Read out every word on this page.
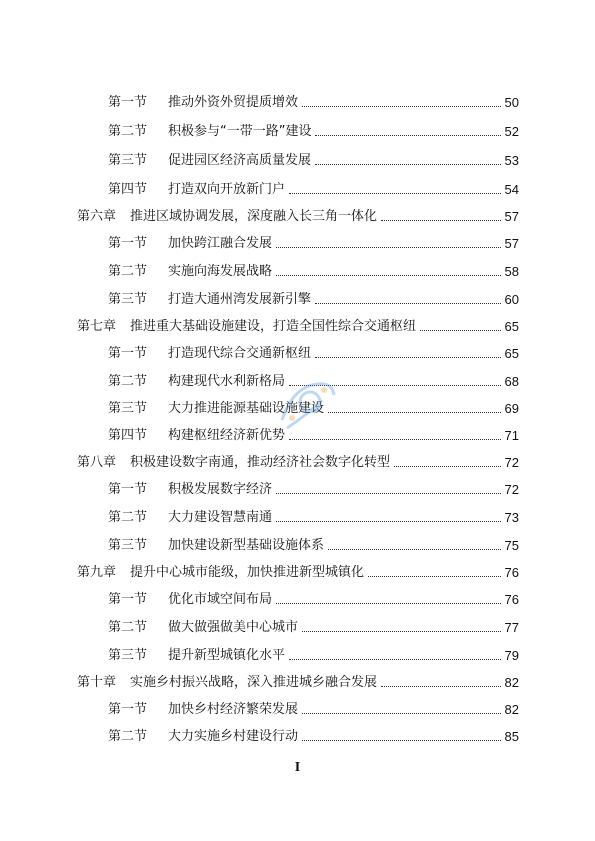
第一节	推动外资外贸提质增效	50
第二节	积极参与“一带一路”建设	52
第三节	促进园区经济高质量发展	53
第四节	打造双向开放新门户	54
第六章	推进区域协调发展，深度融入长三角一体化	57
第一节	加快跨江融合发展	57
第二节	实施向海发展战略	58
第三节	打造大通州湾发展新引擎	60
第七章	推进重大基础设施建设，打造全国性综合交通枢纽	65
第一节	打造现代综合交通新枢纽	65
第二节	构建现代水利新格局	68
第三节	大力推进能源基础设施建设	69
第四节	构建枢纽经济新优势	71
第八章	积极建设数字南通，推动经济社会数字化转型	72
第一节	积极发展数字经济	72
第二节	大力建设智慧南通	73
第三节	加快建设新型基础设施体系	75
第九章	提升中心城市能级，加快推进新型城镇化	76
第一节	优化市域空间布局	76
第二节	做大做强做美中心城市	77
第三节	提升新型城镇化水平	79
第十章	实施乡村振兴战略，深入推进城乡融合发展	82
第一节	加快乡村经济繁荣发展	82
第二节	大力实施乡村建设行动	85
I
